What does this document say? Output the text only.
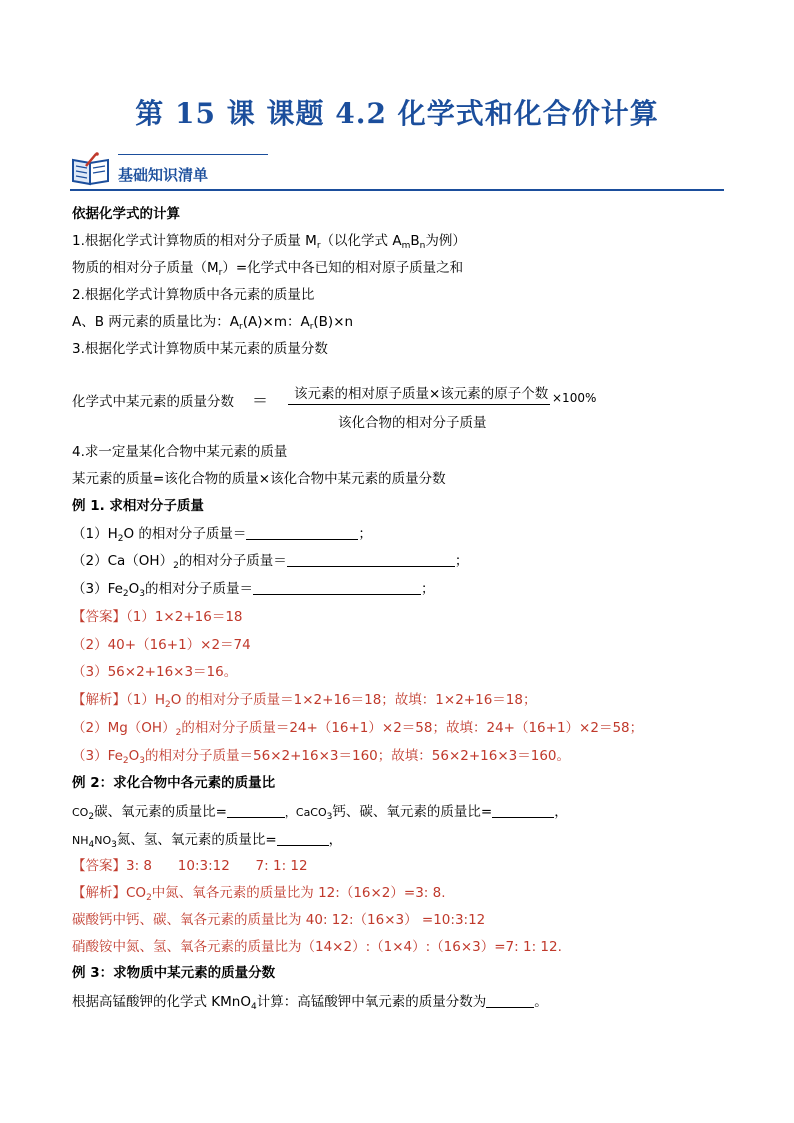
第 15 课 课题 4.2 化学式和化合价计算
基础知识清单
依据化学式的计算
1.根据化学式计算物质的相对分子质量 $M_r$（以化学式 $A_mB_n$为例）
物质的相对分子质量$(M_r)=$化学式中各已知的相对原子质量之和
2.根据化学式计算物质中各元素的质量比
A、B 两元素的质量比为：$A_r(A)\times m$：$A_r(B)\times n$
3.根据化学式计算物质中某元素的质量分数
化学式中某元素的质量分数 ＝ 该元素的相对原子质量×该元素的原子个数
该化合物的相对分子质量
×100%
4.求一定量某化合物中某元素的质量
某元素的质量=该化合物的质量×该化合物中某元素的质量分数
例 1. 求相对分子质量
$(1)H_2O$ 的相对分子质量＝	；
$(2)Ca(OH)_2$的相对分子质量＝	；
$(3)Fe_2O_3$的相对分子质量＝	；
【答案】（1）1×2+16＝18
（2）40+（16+1）×2＝74
（3）56×2+16×3＝16。
【解析】$(1)H_2O$ 的相对分子质量＝1×2+16＝18；故填：1×2+16＝18；
$(2)Mg(OH)_2$的相对分子质量＝24+（16+1）×2＝58；故填：24+（16+1）×2＝58；
$(3)Fe_2O_3$的相对分子质量＝56×2+16×3＝160；故填：56×2+16×3＝160。
例 2：求化合物中各元素的质量比
$CO_2$碳、氧元素的质量比=	，CaCO$_3$钙、碳、氧元素的质量比=	，
$NH_4NO_3$氮、氢、氧元素的质量比=	，
【答案】3: 8      10:3:12      7: 1: 12
【解析】$CO_2$中氮、氧各元素的质量比为 12:（16×2）=3: 8.
碳酸钙中钙、碳、氧各元素的质量比为 40: 12:（16×3） =10:3:12
硝酸铵中氮、氢、氧各元素的质量比为（14×2）:（1×4）:（16×3）=7: 1: 12.
例 3：求物质中某元素的质量分数
根据高锰酸钾的化学式 KMnO$_4$计算：高锰酸钾中氧元素的质量分数为	。
